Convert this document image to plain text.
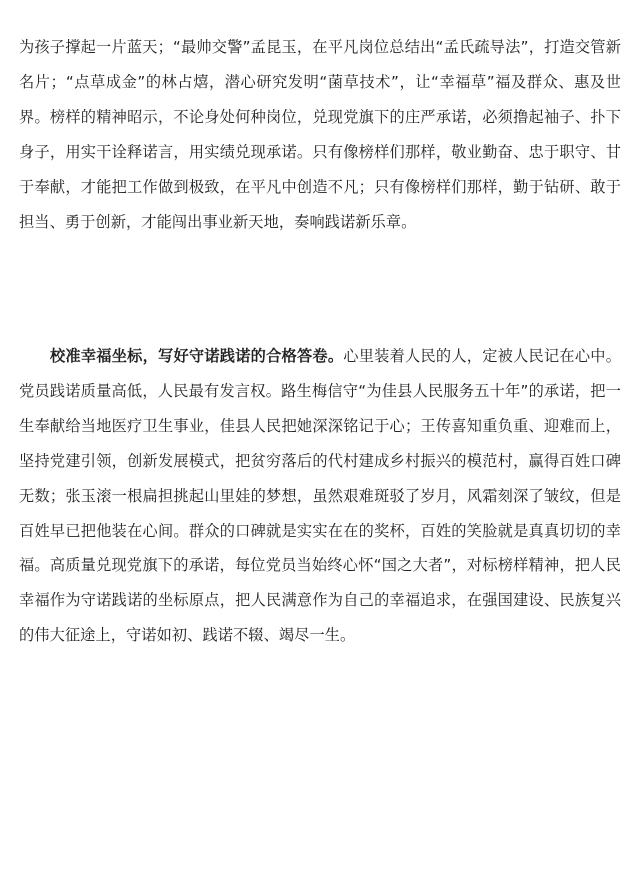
为孩子撑起一片蓝天；“最帅交警”孟昆玉，在平凡岗位总结出“孟氏疏导法”，打造交管新名片；“点草成金”的林占熺，潜心研究发明“菌草技术”，让“幸福草”福及群众、惠及世界。榜样的精神昭示，不论身处何种岗位，兑现党旗下的庄严承诺，必须撸起袖子、扑下身子，用实干诠释诺言，用实绩兑现承诺。只有像榜样们那样，敬业勤奋、忠于职守、甘于奉献，才能把工作做到极致，在平凡中创造不凡；只有像榜样们那样，勤于钻研、敢于担当、勇于创新，才能闯出事业新天地，奏响践诺新乐章。

校准幸福坐标，写好守诺践诺的合格答卷。心里装着人民的人，定被人民记在心中。党员践诺质量高低，人民最有发言权。路生梅信守“为佳县人民服务五十年”的承诺，把一生奉献给当地医疗卫生事业，佳县人民把她深深铭记于心；王传喜知重负重、迎难而上，坚持党建引领，创新发展模式，把贫穷落后的代村建成乡村振兴的模范村，赢得百姓口碑无数；张玉滚一根扁担挑起山里娃的梦想，虽然艰难斑驳了岁月，风霜刻深了皱纹，但是百姓早已把他装在心间。群众的口碑就是实实在在的奖杯，百姓的笑脸就是真真切切的幸福。高质量兑现党旗下的承诺，每位党员当始终心怀“国之大者”，对标榜样精神，把人民幸福作为守诺践诺的坐标原点，把人民满意作为自己的幸福追求，在强国建设、民族复兴的伟大征途上，守诺如初、践诺不辍、竭尽一生。
